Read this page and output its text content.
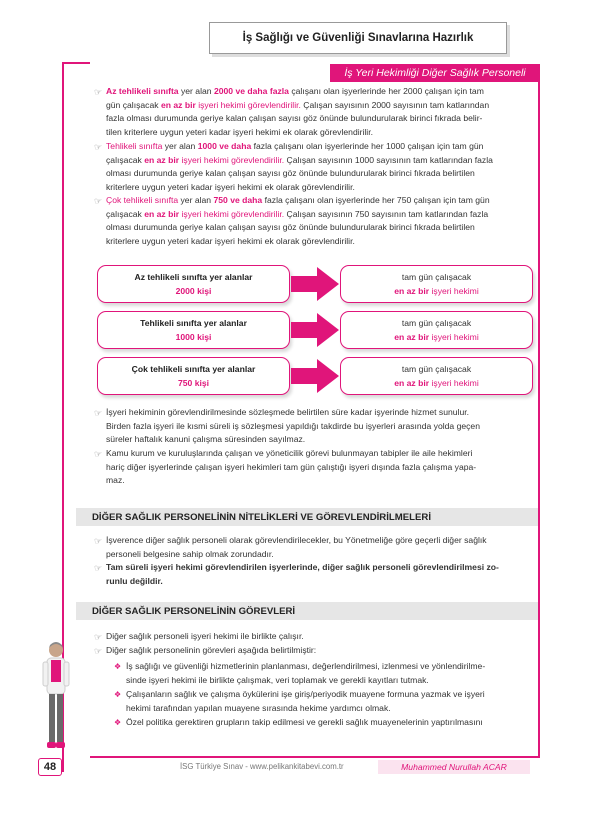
İş Sağlığı ve Güvenliği Sınavlarına Hazırlık
İş Yeri Hekimliği Diğer Sağlık Personeli
☞ Az tehlikeli sınıfta yer alan 2000 ve daha fazla çalışanı olan işyerlerinde her 2000 çalışan için tam
gün çalışacak en az bir işyeri hekimi görevlendirilir. Çalışan sayısının 2000 sayısının tam katlarından
fazla olması durumunda geriye kalan çalışan sayısı göz önünde bulundurularak birinci fıkrada belir-
tilen kriterlere uygun yeteri kadar işyeri hekimi ek olarak görevlendirilir.
☞ Tehlikeli sınıfta yer alan 1000 ve daha fazla çalışanı olan işyerlerinde her 1000 çalışan için tam gün
çalışacak en az bir işyeri hekimi görevlendirilir. Çalışan sayısının 1000 sayısının tam katlarından fazla
olması durumunda geriye kalan çalışan sayısı göz önünde bulundurularak birinci fıkrada belirtilen
kriterlere uygun yeteri kadar işyeri hekimi ek olarak görevlendirilir.
☞ Çok tehlikeli sınıfta yer alan 750 ve daha fazla çalışanı olan işyerlerinde her 750 çalışan için tam gün
çalışacak en az bir işyeri hekimi görevlendirilir. Çalışan sayısının 750 sayısının tam katlarından fazla
olması durumunda geriye kalan çalışan sayısı göz önünde bulundurularak birinci fıkrada belirtilen
kriterlere uygun yeteri kadar işyeri hekimi ek olarak görevlendirilir.
Az tehlikeli sınıfta yer alanlar
2000 kişi
tam gün çalışacak
en az bir işyeri hekimi
Tehlikeli sınıfta yer alanlar
1000 kişi
tam gün çalışacak
en az bir işyeri hekimi
Çok tehlikeli sınıfta yer alanlar
750 kişi
tam gün çalışacak
en az bir işyeri hekimi
☞ İşyeri hekiminin görevlendirilmesinde sözleşmede belirtilen süre kadar işyerinde hizmet sunulur.
Birden fazla işyeri ile kısmi süreli iş sözleşmesi yapıldığı takdirde bu işyerleri arasında yolda geçen
süreler haftalık kanuni çalışma süresinden sayılmaz.
☞ Kamu kurum ve kuruluşlarında çalışan ve yöneticilik görevi bulunmayan tabipler ile aile hekimleri
hariç diğer işyerlerinde çalışan işyeri hekimleri tam gün çalıştığı işyeri dışında fazla çalışma yapa-
maz.
DİĞER SAĞLIK PERSONELİNİN NİTELİKLERİ VE GÖREVLENDİRİLMELERİ
☞ İşverence diğer sağlık personeli olarak görevlendirilecekler, bu Yönetmeliğe göre geçerli diğer sağlık
personeli belgesine sahip olmak zorundadır.
☞ Tam süreli işyeri hekimi görevlendirilen işyerlerinde, diğer sağlık personeli görevlendirilmesi zo-
runlu değildir.
DİĞER SAĞLIK PERSONELİNİN GÖREVLERİ
☞ Diğer sağlık personeli işyeri hekimi ile birlikte çalışır.
☞ Diğer sağlık personelinin görevleri aşağıda belirtilmiştir:
❖ İş sağlığı ve güvenliği hizmetlerinin planlanması, değerlendirilmesi, izlenmesi ve yönlendirilme-
sinde işyeri hekimi ile birlikte çalışmak, veri toplamak ve gerekli kayıtları tutmak.
❖ Çalışanların sağlık ve çalışma öykülerini işe giriş/periyodik muayene formuna yazmak ve işyeri
hekimi tarafından yapılan muayene sırasında hekime yardımcı olmak.
❖ Özel politika gerektiren grupların takip edilmesi ve gerekli sağlık muayenelerinin yaptırılmasını
48	İSG Türkiye Sınav - www.pelikankitabevi.com.tr	Muhammed Nurullah ACAR
